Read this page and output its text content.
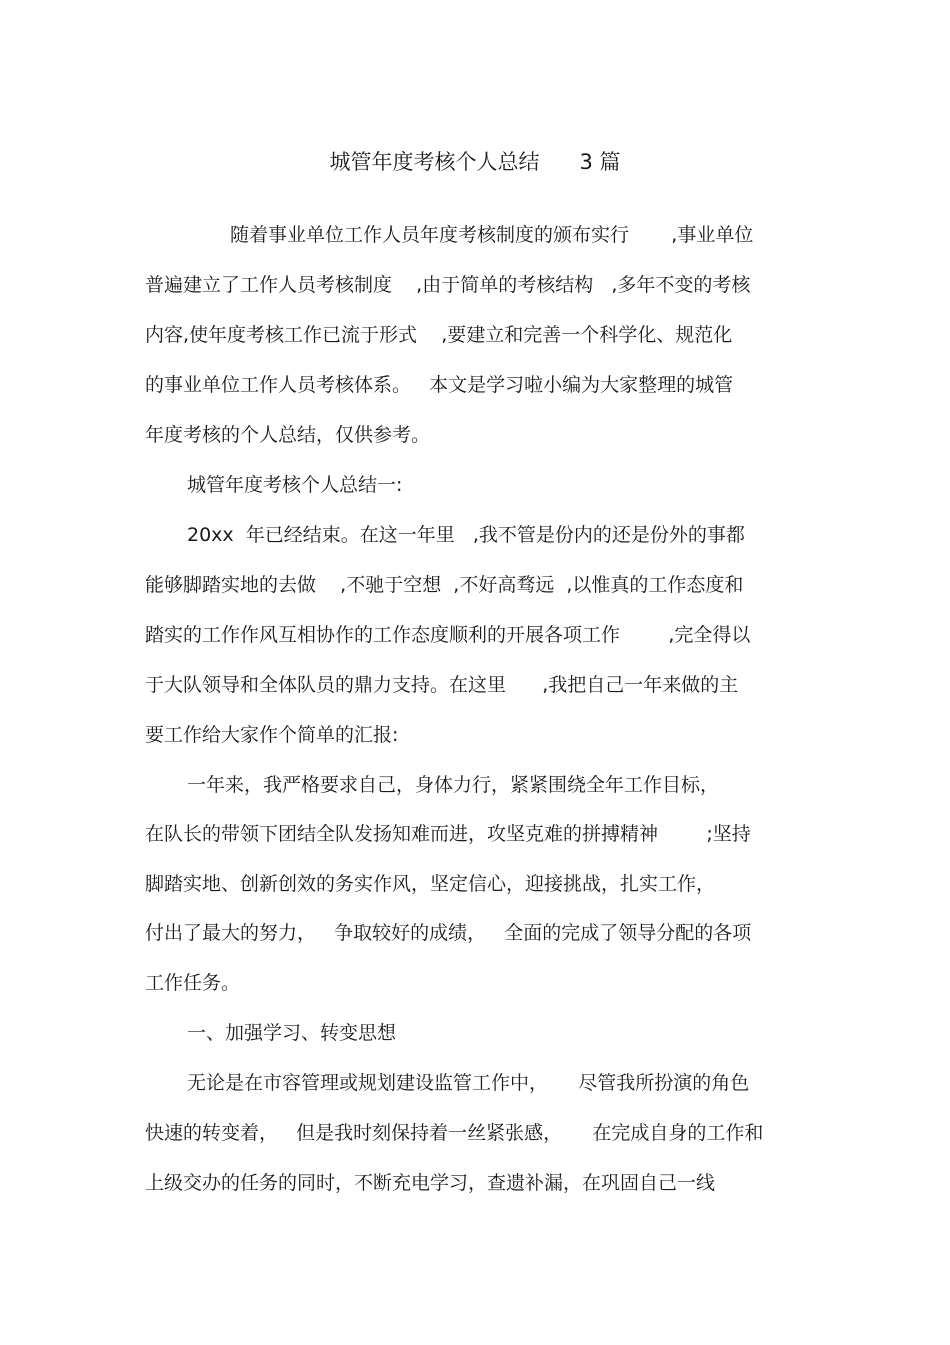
城管年度考核个人总结      3 篇
随着事业单位工作人员年度考核制度的颁布实行       ,事业单位
普遍建立了工作人员考核制度    ,由于简单的考核结构   ,多年不变的考核
内容,使年度考核工作已流于形式    ,要建立和完善一个科学化、规范化
的事业单位工作人员考核体系。   本文是学习啦小编为大家整理的城管
年度考核的个人总结，仅供参考。
城管年度考核个人总结一:
20xx  年已经结束。在这一年里   ,我不管是份内的还是份外的事都
能够脚踏实地的去做    ,不驰于空想  ,不好高骛远  ,以惟真的工作态度和
踏实的工作作风互相协作的工作态度顺利的开展各项工作        ,完全得以
于大队领导和全体队员的鼎力支持。在这里      ,我把自己一年来做的主
要工作给大家作个简单的汇报:
一年来，我严格要求自己，身体力行，紧紧围绕全年工作目标，
在队长的带领下团结全队发扬知难而进，攻坚克难的拼搏精神        ;坚持
脚踏实地、创新创效的务实作风，坚定信心，迎接挑战，扎实工作，
付出了最大的努力，   争取较好的成绩，   全面的完成了领导分配的各项
工作任务。
一、加强学习、转变思想
无论是在市容管理或规划建设监管工作中，     尽管我所扮演的角色
快速的转变着，   但是我时刻保持着一丝紧张感，     在完成自身的工作和
上级交办的任务的同时，不断充电学习，查遗补漏，在巩固自己一线
